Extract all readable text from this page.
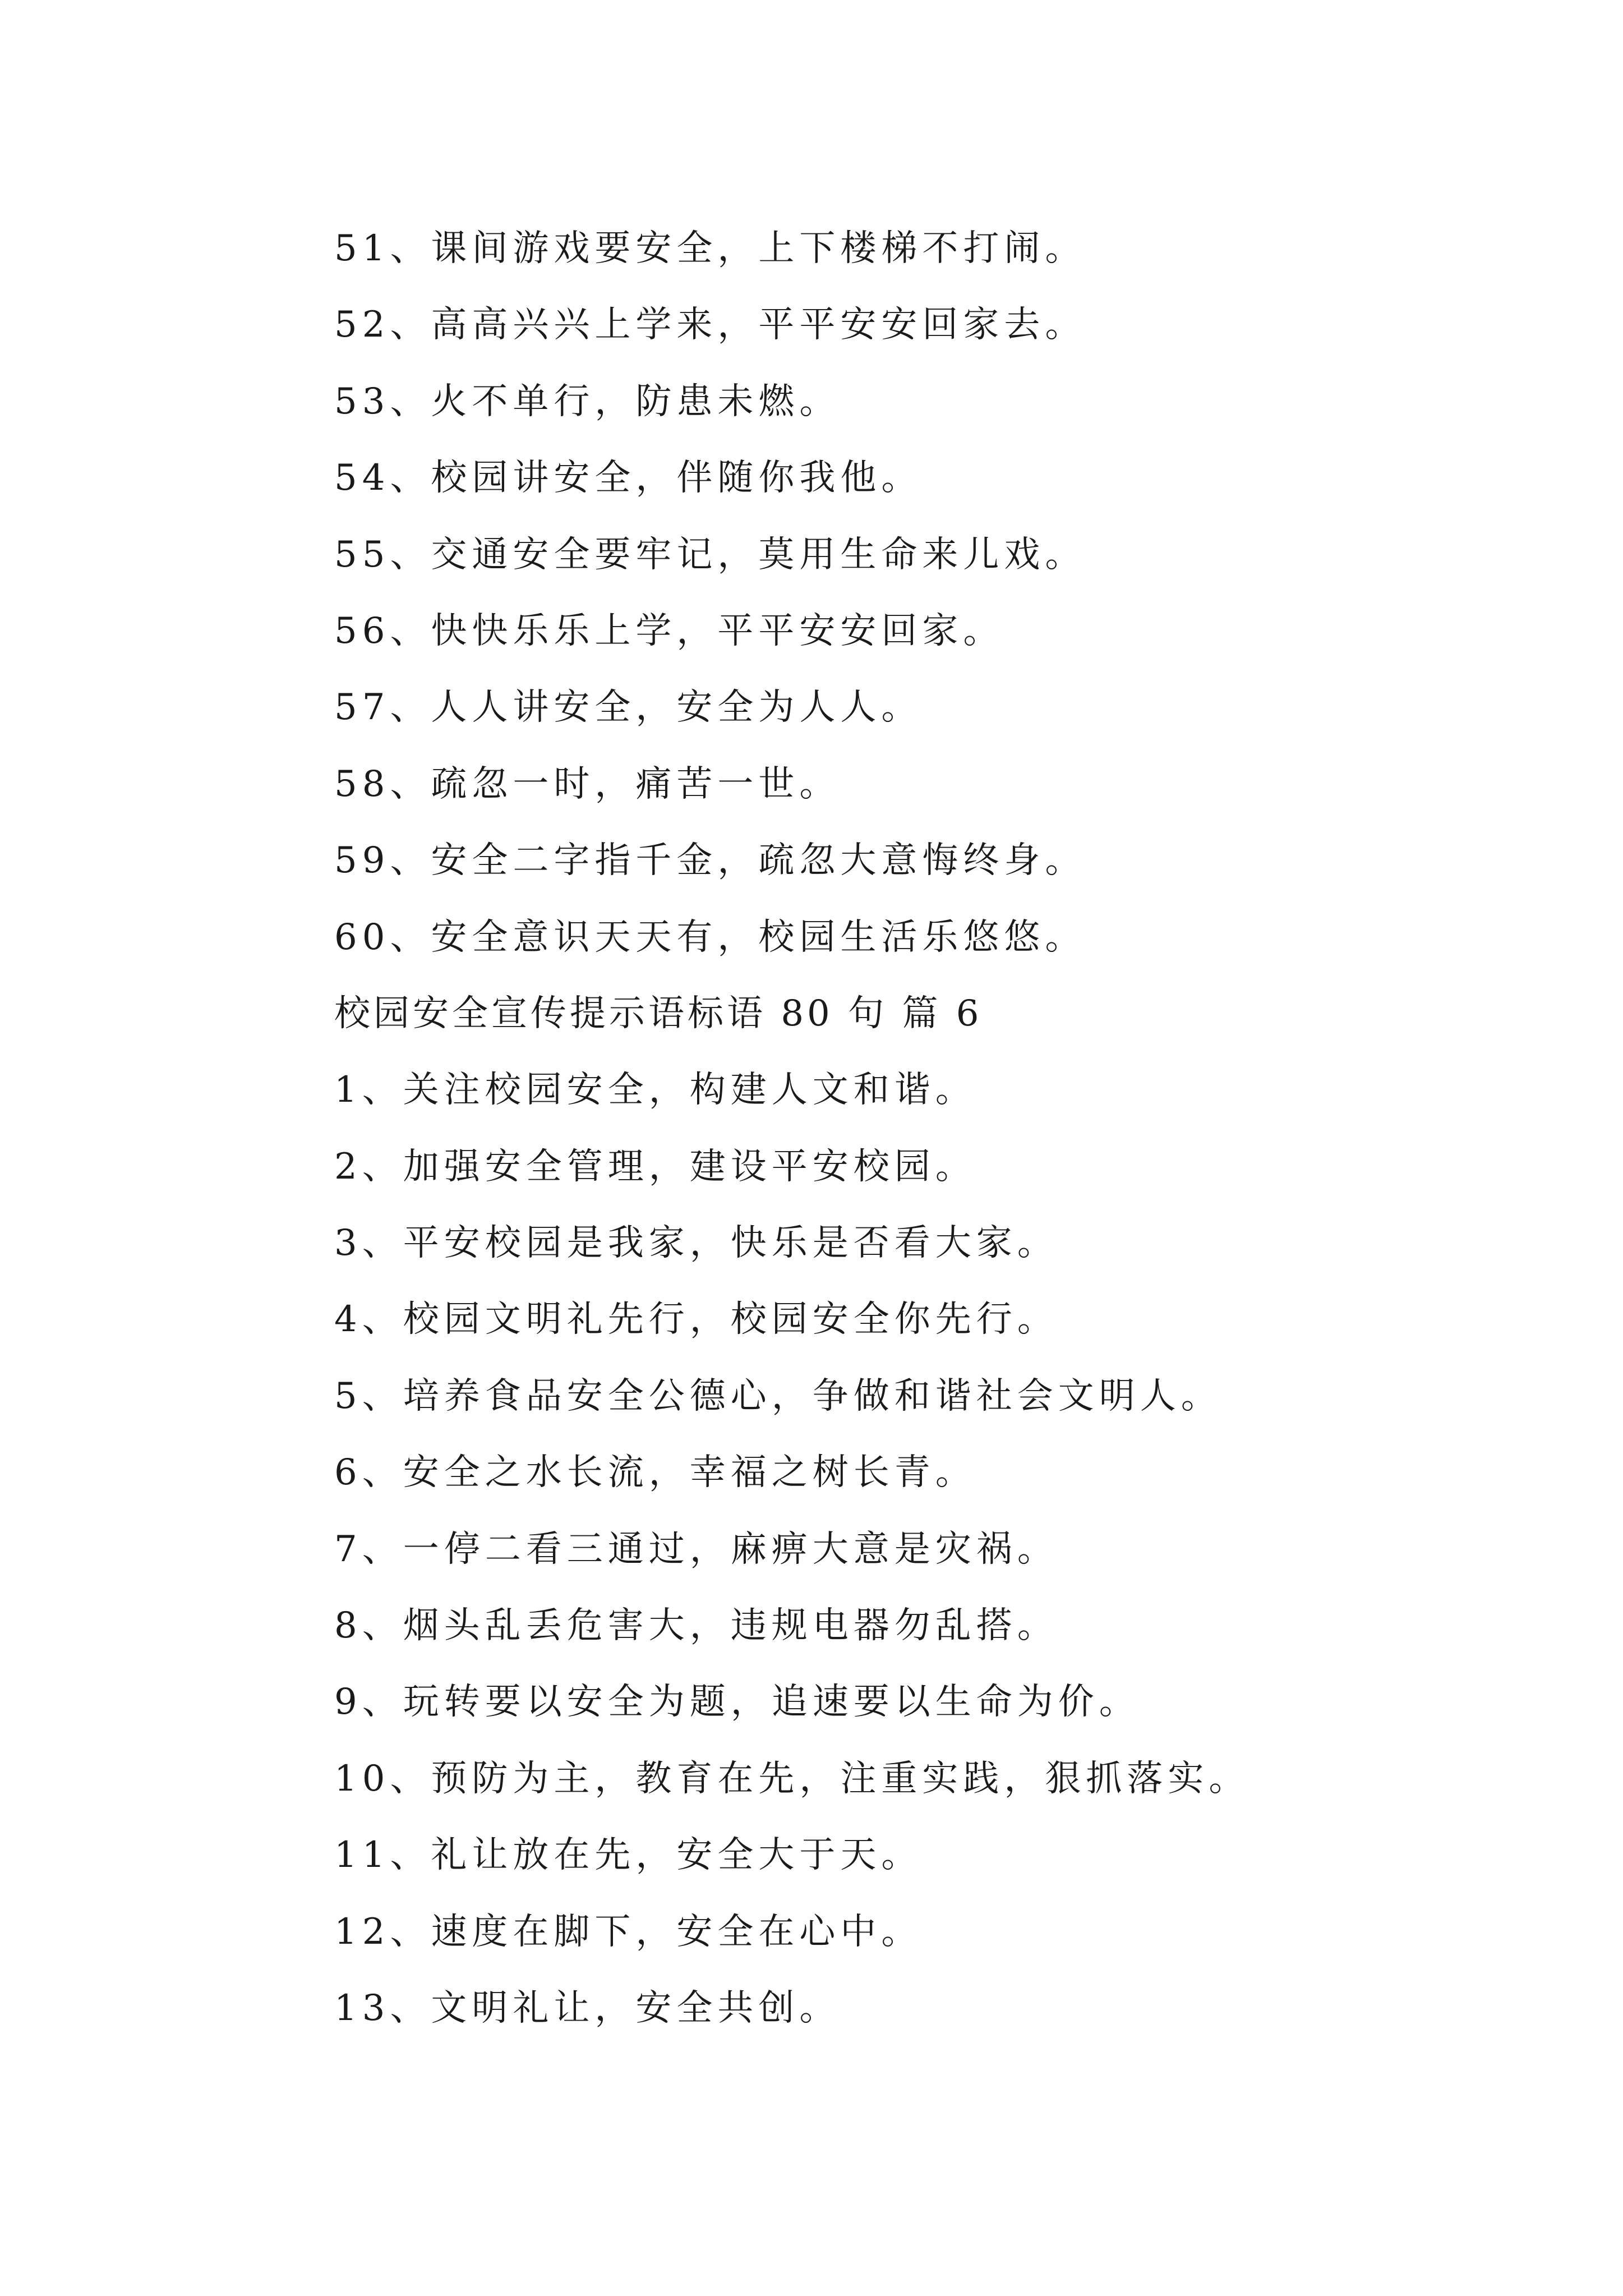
51、课间游戏要安全，上下楼梯不打闹。
52、高高兴兴上学来，平平安安回家去。
53、火不单行，防患未燃。
54、校园讲安全，伴随你我他。
55、交通安全要牢记，莫用生命来儿戏。
56、快快乐乐上学，平平安安回家。
57、人人讲安全，安全为人人。
58、疏忽一时，痛苦一世。
59、安全二字指千金，疏忽大意悔终身。
60、安全意识天天有，校园生活乐悠悠。
校园安全宣传提示语标语 80 句 篇 6
1、关注校园安全，构建人文和谐。
2、加强安全管理，建设平安校园。
3、平安校园是我家，快乐是否看大家。
4、校园文明礼先行，校园安全你先行。
5、培养食品安全公德心，争做和谐社会文明人。
6、安全之水长流，幸福之树长青。
7、一停二看三通过，麻痹大意是灾祸。
8、烟头乱丢危害大，违规电器勿乱搭。
9、玩转要以安全为题，追速要以生命为价。
10、预防为主，教育在先，注重实践，狠抓落实。
11、礼让放在先，安全大于天。
12、速度在脚下，安全在心中。
13、文明礼让，安全共创。
